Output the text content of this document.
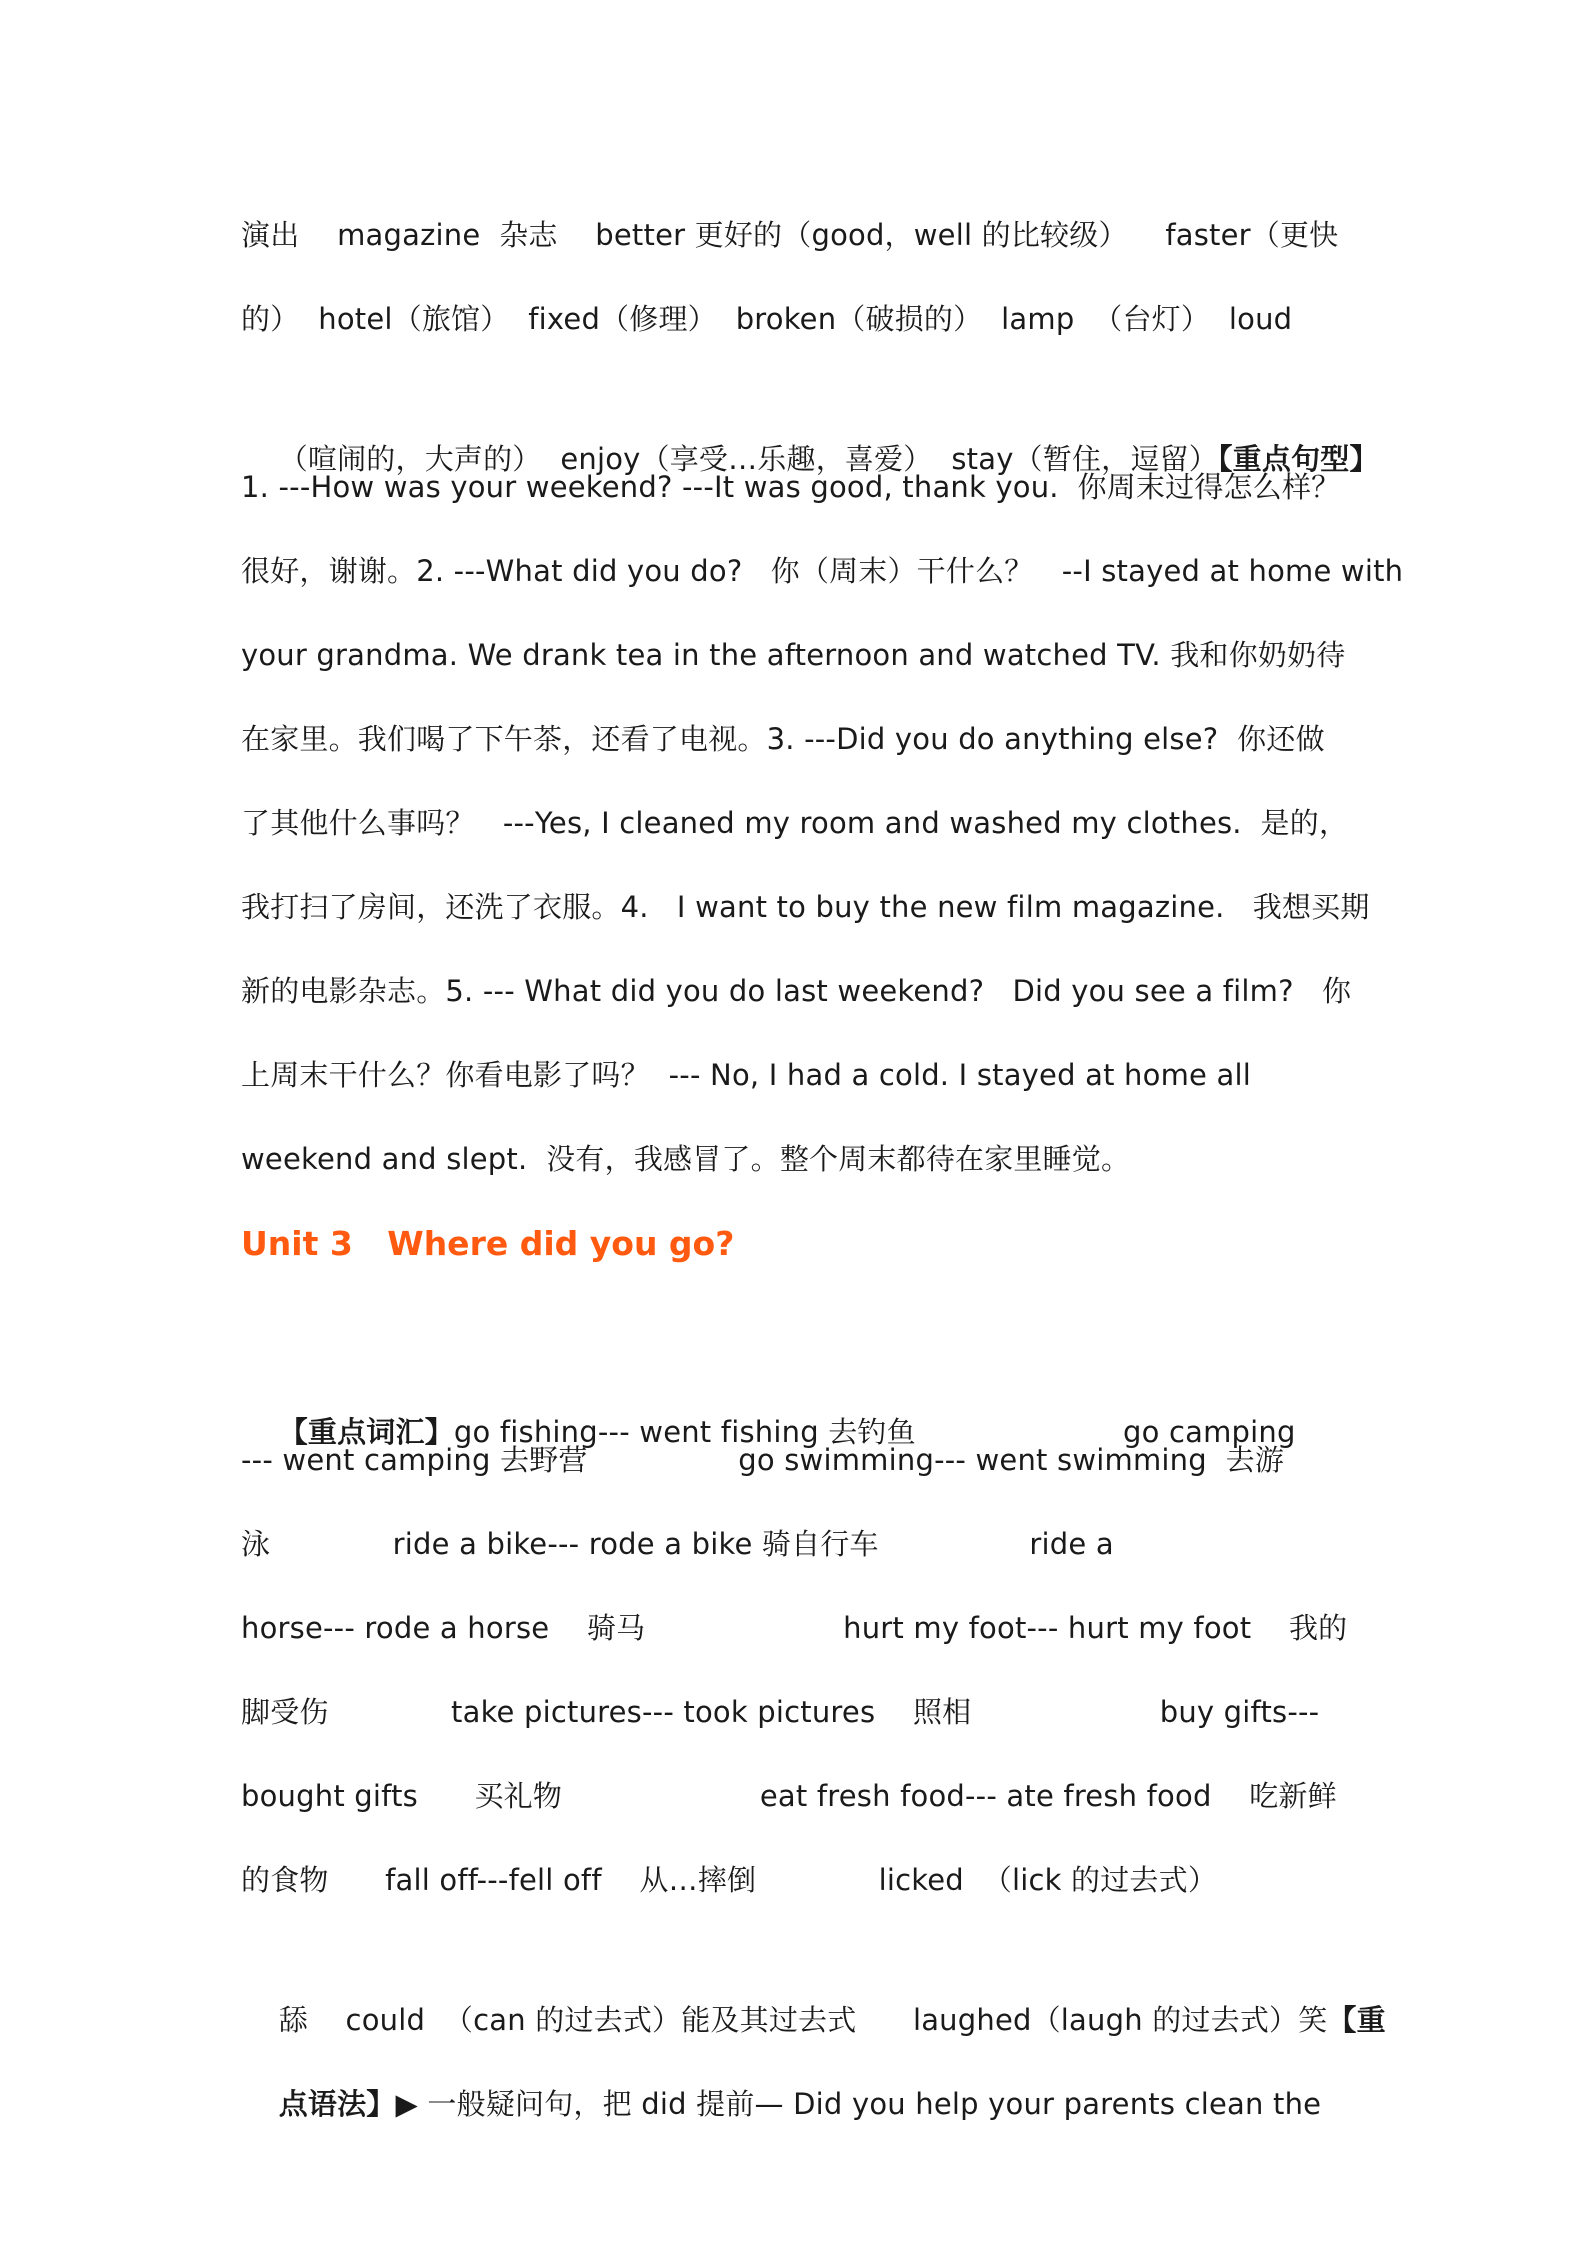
演出    magazine  杂志    better 更好的（good，well 的比较级）    faster（更快
的）  hotel（旅馆）  fixed（修理）  broken（破损的）  lamp  （台灯）  loud

（喧闹的，大声的）  enjoy（享受…乐趣，喜爱）  stay（暂住，逗留）【重点句型】

1. ---How was your weekend? ---It was good, thank you.  你周末过得怎么样？
很好，谢谢。2. ---What did you do?   你（周末）干什么？   --I stayed at home with
your grandma. We drank tea in the afternoon and watched TV. 我和你奶奶待
在家里。我们喝了下午茶，还看了电视。3. ---Did you do anything else?  你还做
了其他什么事吗？   ---Yes, I cleaned my room and washed my clothes.  是的，
我打扫了房间，还洗了衣服。4.   I want to buy the new film magazine.   我想买期
新的电影杂志。5. --- What did you do last weekend?   Did you see a film?   你
上周末干什么？你看电影了吗？  --- No, I had a cold. I stayed at home all
weekend and slept.  没有，我感冒了。整个周末都待在家里睡觉。
Unit 3   Where did you go?

【重点词汇】go fishing--- went fishing 去钓鱼                      go camping

--- went camping 去野营                go swimming--- went swimming  去游
泳             ride a bike--- rode a bike 骑自行车                ride a
horse--- rode a horse    骑马                     hurt my foot--- hurt my foot    我的
脚受伤             take pictures--- took pictures    照相                    buy gifts---
bought gifts      买礼物                     eat fresh food--- ate fresh food    吃新鲜
的食物      fall off---fell off    从…摔倒             licked  （lick 的过去式）

舔    could  （can 的过去式）能及其过去式      laughed（laugh 的过去式）笑【重

点语法】▶ 一般疑问句，把 did 提前— Did you help your parents clean the
